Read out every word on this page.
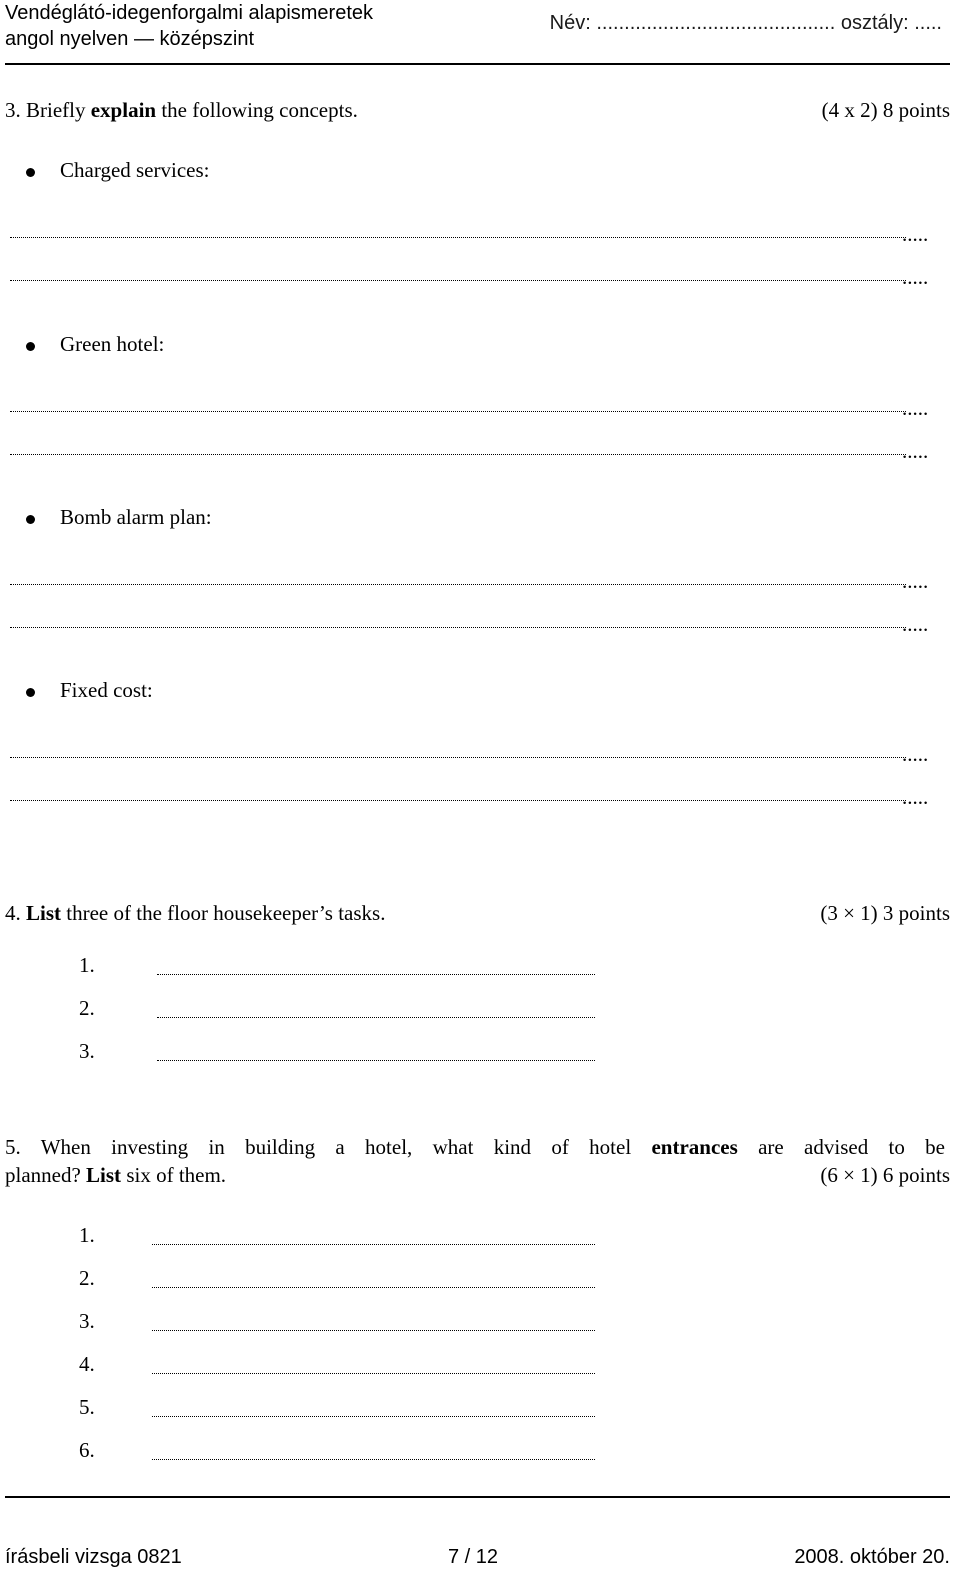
Vendéglátó-idegenforgalmi alapismeretek
angol nyelven — középszint
Név: ........................................... osztály: .....
3. Briefly explain the following concepts.	(4 x 2) 8 points
Charged services:
.....
.....
Green hotel:
.....
.....
Bomb alarm plan:
.....
.....
Fixed cost:
.....
.....
4. List three of the floor housekeeper’s tasks.	(3 × 1) 3 points
1.
2.
3.
5. When investing in building a hotel, what kind of hotel entrances are advised to be
planned? List six of them.	(6 × 1) 6 points
1.
2.
3.
4.
5.
6.
írásbeli vizsga 0821	7 / 12	2008. október 20.
